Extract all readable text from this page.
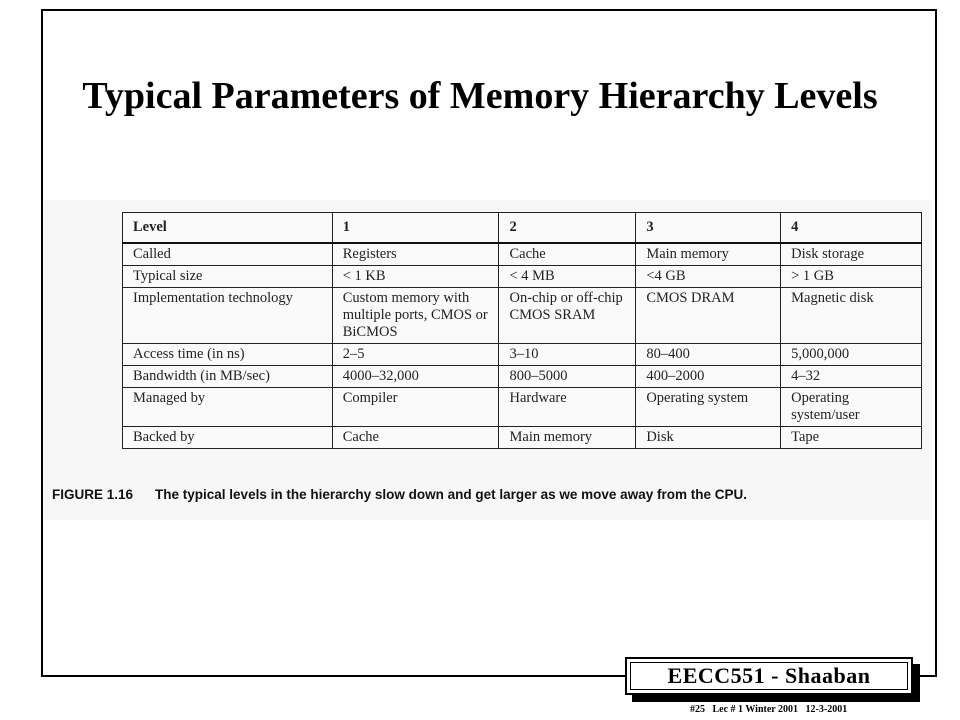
Typical Parameters of Memory Hierarchy Levels
Level	1	2	3	4
Called	Registers	Cache	Main memory	Disk storage
Typical size	< 1 KB	< 4 MB	<4 GB	> 1 GB
Implementation technology	Custom memory with multiple ports, CMOS or BiCMOS	On-chip or off-chip CMOS SRAM	CMOS DRAM	Magnetic disk
Access time (in ns)	2–5	3–10	80–400	5,000,000
Bandwidth (in MB/sec)	4000–32,000	800–5000	400–2000	4–32
Managed by	Compiler	Hardware	Operating system	Operating system/user
Backed by	Cache	Main memory	Disk	Tape
FIGURE 1.16 The typical levels in the hierarchy slow down and get larger as we move away from the CPU.
EECC551 - Shaaban
#25   Lec # 1 Winter 2001   12-3-2001
